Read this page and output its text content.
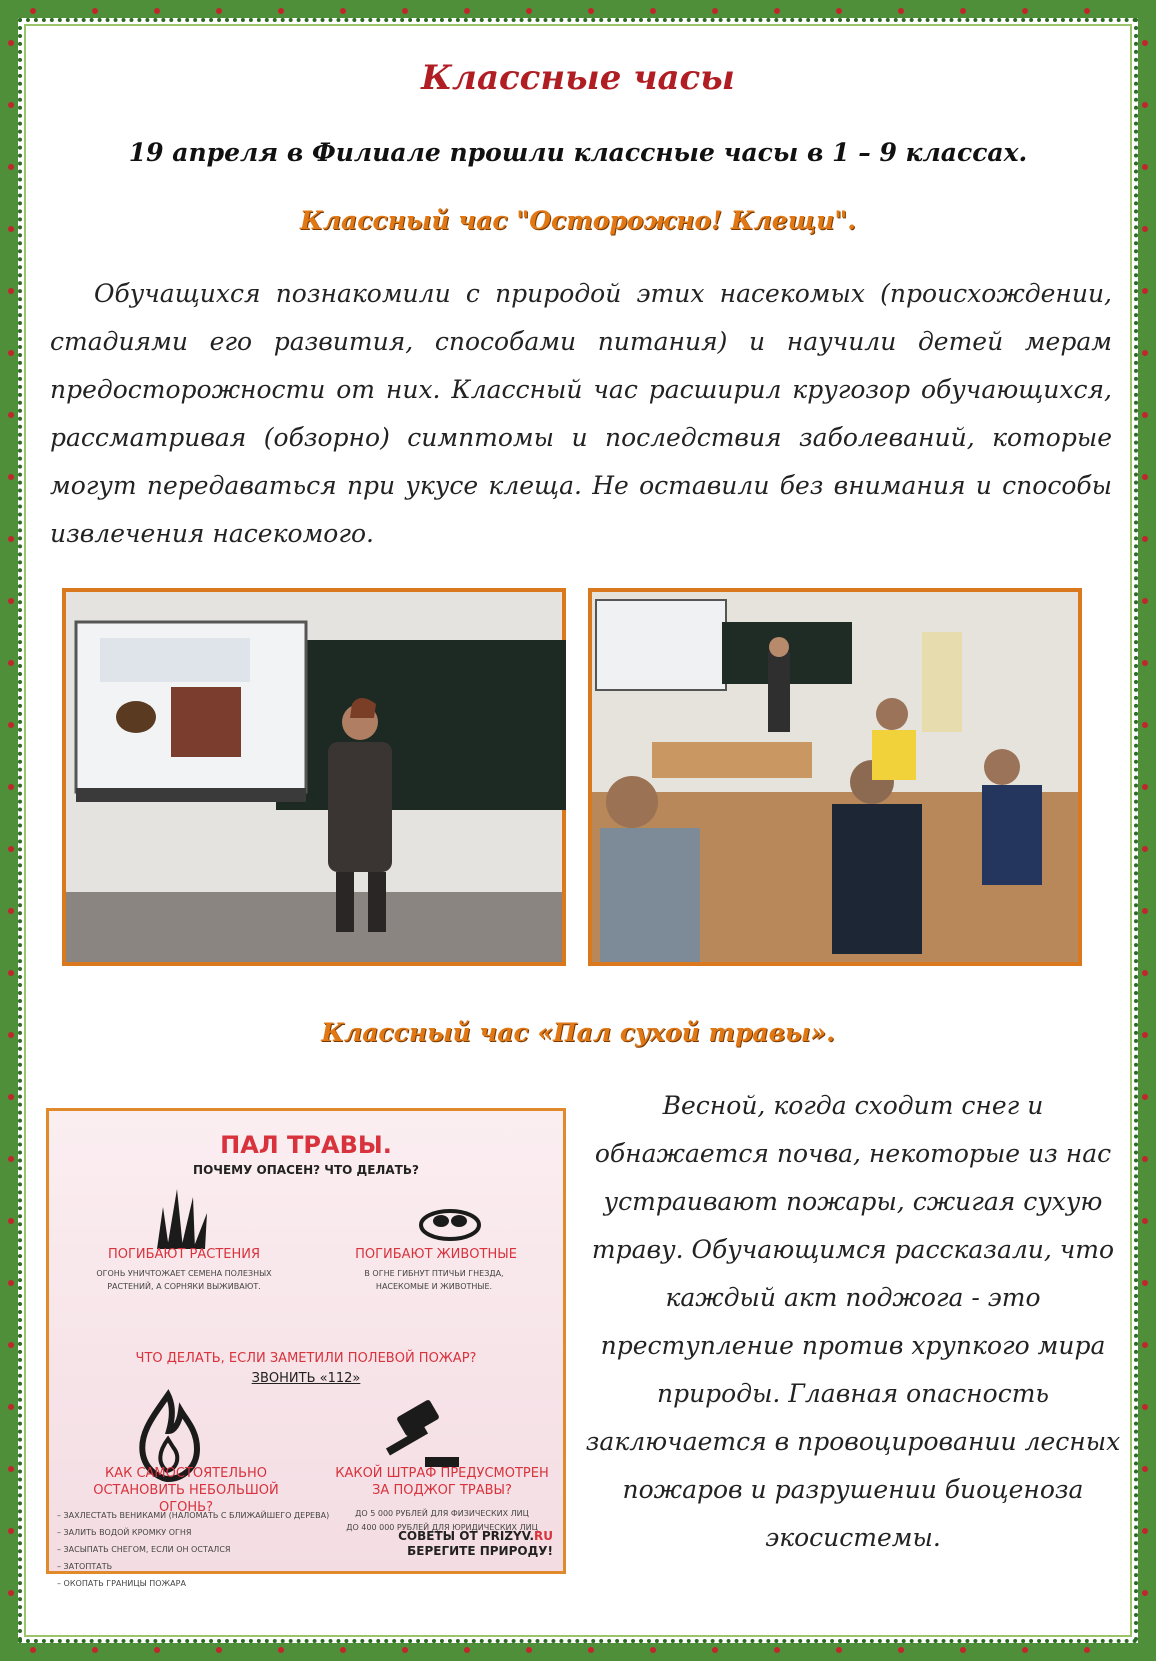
Классные часы
19 апреля в Филиале прошли классные часы в 1 – 9 классах.
Классный час "Осторожно! Клещи".

Обучащихся познакомили с природой этих насекомых (происхождении, стадиями его развития, способами питания) и научили детей мерам предосторожности от них. Классный час расширил кругозор обучающихся, рассматривая (обзорно) симптомы и последствия заболеваний, которые могут передаваться при укусе клеща. Не оставили без внимания и способы извлечения насекомого.

Классный час «Пал сухой травы».
ПАЛ ТРАВЫ.
ПОЧЕМУ ОПАСЕН? ЧТО ДЕЛАТЬ?
ПОГИБАЮТ РАСТЕНИЯ
ОГОНЬ УНИЧТОЖАЕТ СЕМЕНА ПОЛЕЗНЫХ РАСТЕНИЙ, А СОРНЯКИ ВЫЖИВАЮТ.
ПОГИБАЮТ ЖИВОТНЫЕ
В ОГНЕ ГИБНУТ ПТИЧЬИ ГНЕЗДА, НАСЕКОМЫЕ И ЖИВОТНЫЕ.
ЧТО ДЕЛАТЬ, ЕСЛИ ЗАМЕТИЛИ ПОЛЕВОЙ ПОЖАР?
ЗВОНИТЬ «112»
КАК САМОСТОЯТЕЛЬНО ОСТАНОВИТЬ НЕБОЛЬШОЙ ОГОНЬ?
– ЗАХЛЕСТАТЬ ВЕНИКАМИ (НАЛОМАТЬ С БЛИЖАЙШЕГО ДЕРЕВА)
– ЗАЛИТЬ ВОДОЙ КРОМКУ ОГНЯ
– ЗАСЫПАТЬ СНЕГОМ, ЕСЛИ ОН ОСТАЛСЯ
– ЗАТОПТАТЬ
– ОКОПАТЬ ГРАНИЦЫ ПОЖАРА
КАКОЙ ШТРАФ ПРЕДУСМОТРЕН ЗА ПОДЖОГ ТРАВЫ?
ДО 5 000 РУБЛЕЙ ДЛЯ ФИЗИЧЕСКИХ ЛИЦ
ДО 400 000 РУБЛЕЙ ДЛЯ ЮРИДИЧЕСКИХ ЛИЦ
СОВЕТЫ ОТ PRIZYV.RU
БЕРЕГИТЕ ПРИРОДУ!

Весной, когда сходит снег и обнажается почва, некоторые из нас устраивают пожары, сжигая сухую траву. Обучающимся рассказали, что каждый акт поджога - это преступление против хрупкого мира природы. Главная опасность заключается в провоцировании лесных пожаров и разрушении биоценоза экосистемы.
